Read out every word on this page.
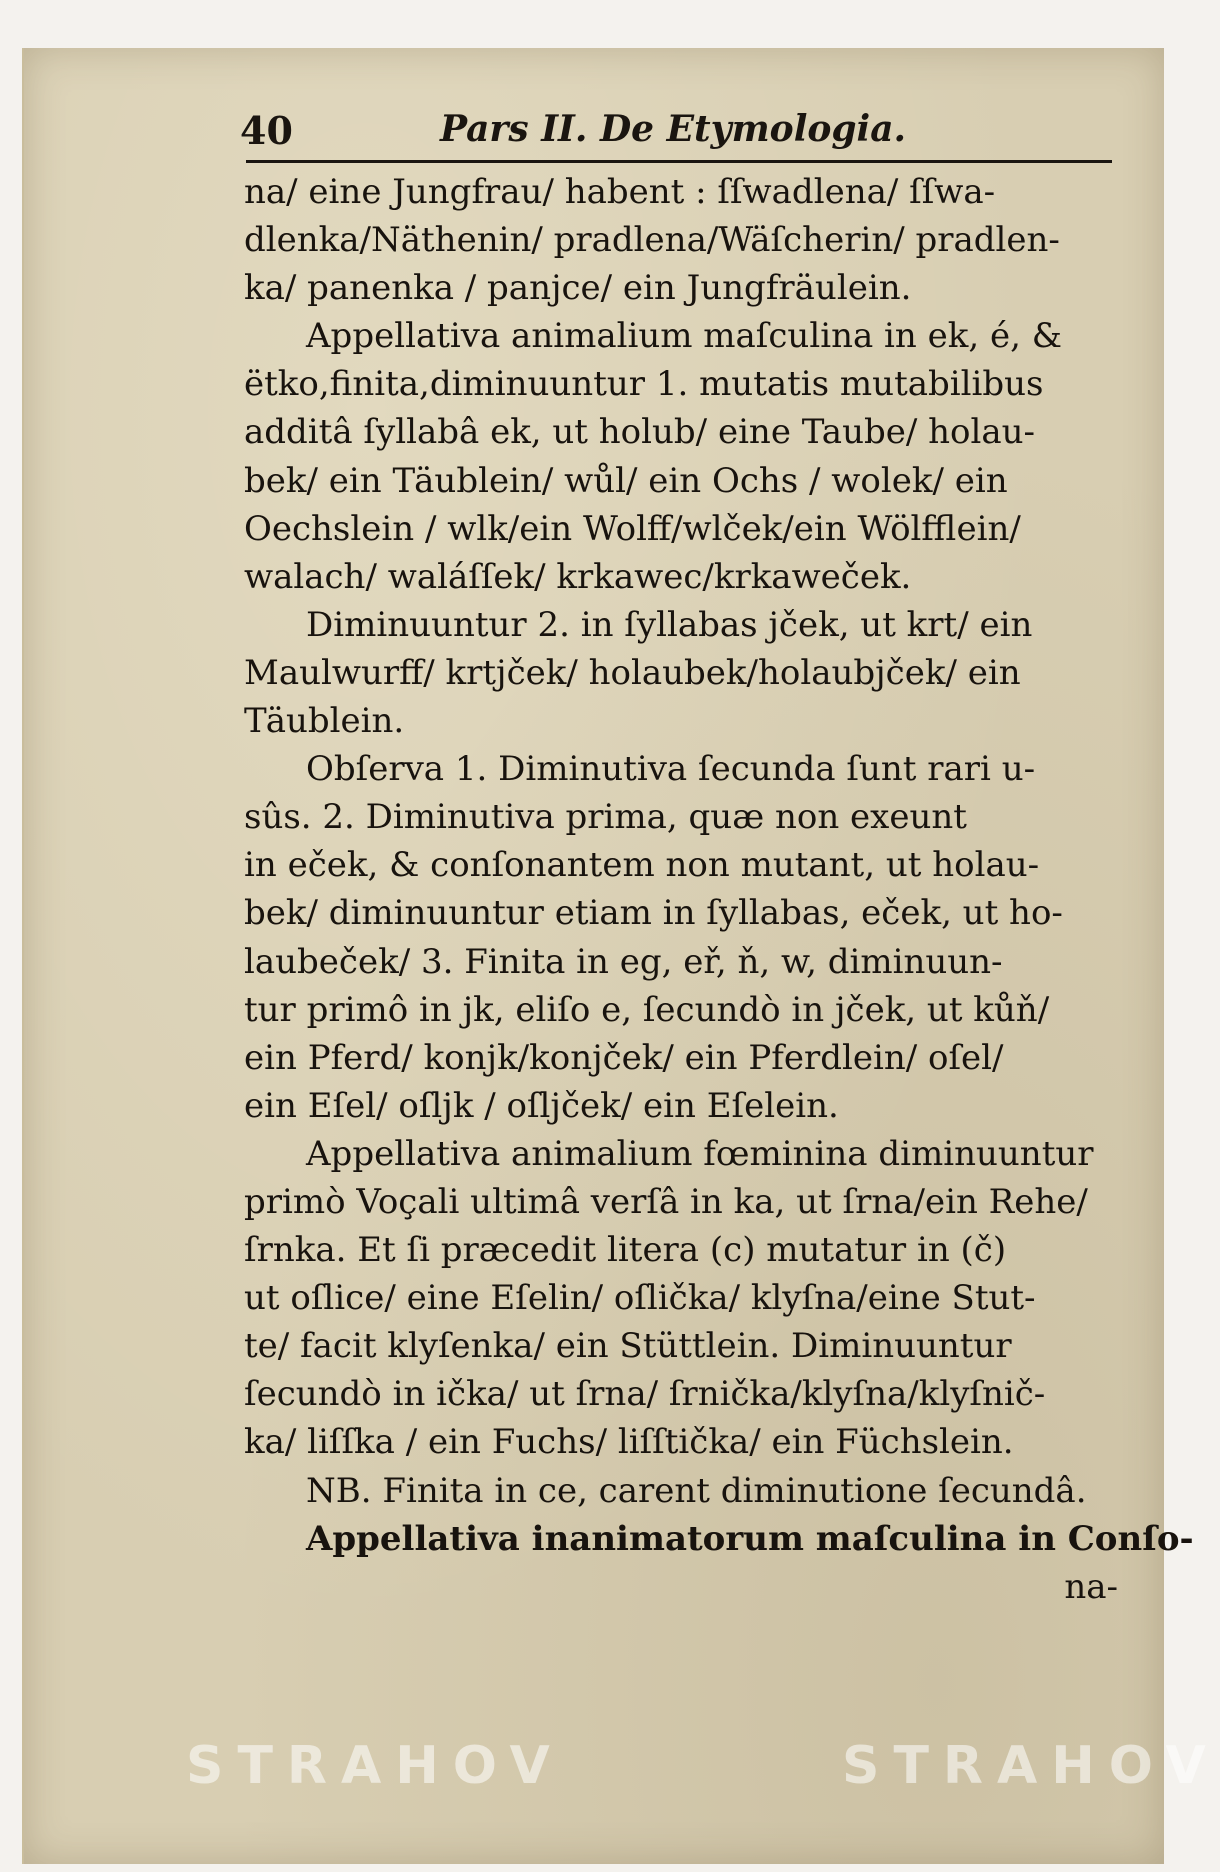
40	Pars II. De Etymologia.
na/ eine Jungfrau/ habent : ſſwadlena/ ſſwa-
dlenka/Näthenin/ pradlena/Wäſcherin/ pradlen-
ka/ panenka / panjce/ ein Jungfräulein.
Appellativa animalium maſculina in ek, é, &
ëtko,finita,diminuuntur 1. mutatis mutabilibus
additâ ſyllabâ ek, ut holub/ eine Taube/ holau-
bek/ ein Täublein/ wůl/ ein Ochs / wolek/ ein
Oechslein / wlk/ein Wolff/wlček/ein Wölfflein/
walach/ waláſſek/ krkawec/krkaweček.
Diminuuntur 2. in ſyllabas jček, ut krt/ ein
Maulwurff/ krtjček/ holaubek/holaubjček/ ein
Täublein.
Obſerva 1. Diminutiva ſecunda ſunt rari u-
sûs. 2. Diminutiva prima, quæ non exeunt
in eček, & conſonantem non mutant, ut holau-
bek/ diminuuntur etiam in ſyllabas, eček, ut ho-
laubeček/ 3. Finita in eg, eř, ň, w, diminuun-
tur primô in jk, eliſo e, ſecundò in jček, ut kůň/
ein Pferd/ konjk/konjček/ ein Pferdlein/ oſel/
ein Eſel/ oſljk / oſljček/ ein Eſelein.
Appellativa animalium fœminina diminuuntur
primò Voçali ultimâ verſâ in ka, ut ſrna/ein Rehe/
ſrnka. Et ſi præcedit litera (c) mutatur in (č)
ut oſlice/ eine Eſelin/ oſlička/ klyſna/eine Stut-
te/ facit klyſenka/ ein Stüttlein. Diminuuntur
ſecundò in ička/ ut ſrna/ ſrnička/klyſna/klyſnič-
ka/ liſſka / ein Fuchs/ liſſtička/ ein Füchslein.
NB. Finita in ce, carent diminutione ſecundâ.
Appellativa inanimatorum maſculina in Conſo-
na-
STRAHOV	STRAHOV
